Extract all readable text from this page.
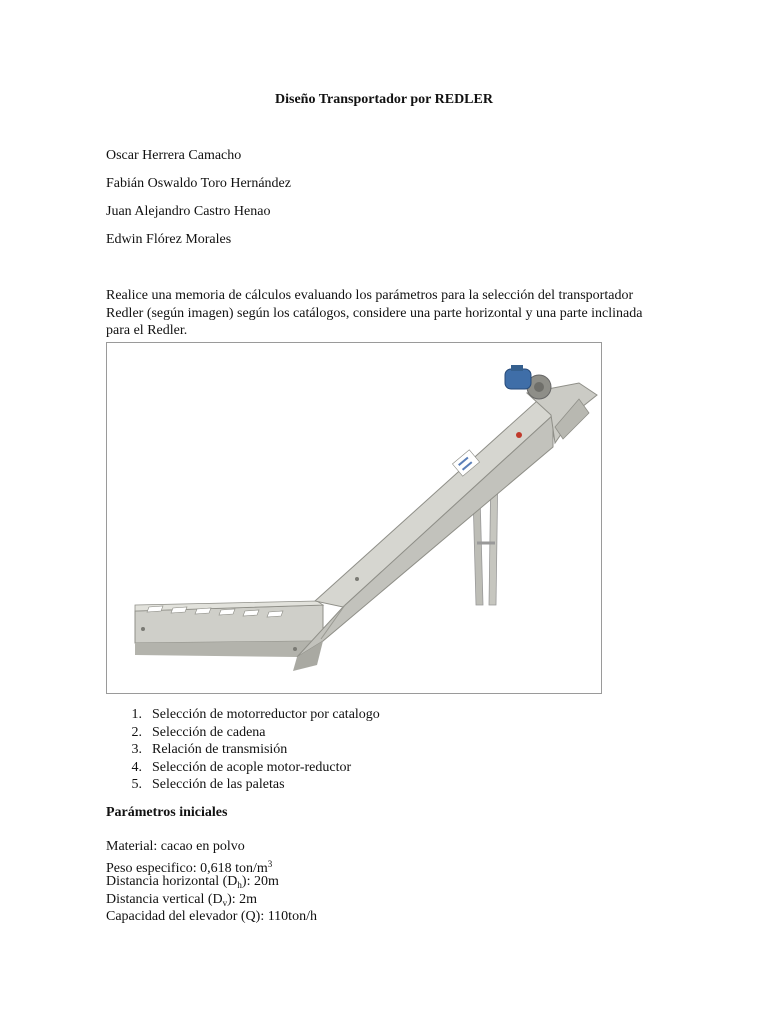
Diseño Transportador por REDLER
Oscar Herrera Camacho
Fabián Oswaldo Toro Hernández
Juan Alejandro Castro Henao
Edwin Flórez Morales

Realice una memoria de cálculos evaluando los parámetros para la selección del transportador Redler (según imagen) según los catálogos, considere una parte horizontal y una parte inclinada para el Redler.

1. Selección de motorreductor por catalogo
2. Selección de cadena
3. Relación de transmisión
4. Selección de acople motor-reductor
5. Selección de las paletas
Parámetros iniciales
Material: cacao en polvo
Peso especifico: 0,618 ton/$m^3$
Distancia horizontal $(D_h)$: 20m
Distancia vertical $(D_v)$: 2m
Capacidad del elevador (Q): 110ton/h
